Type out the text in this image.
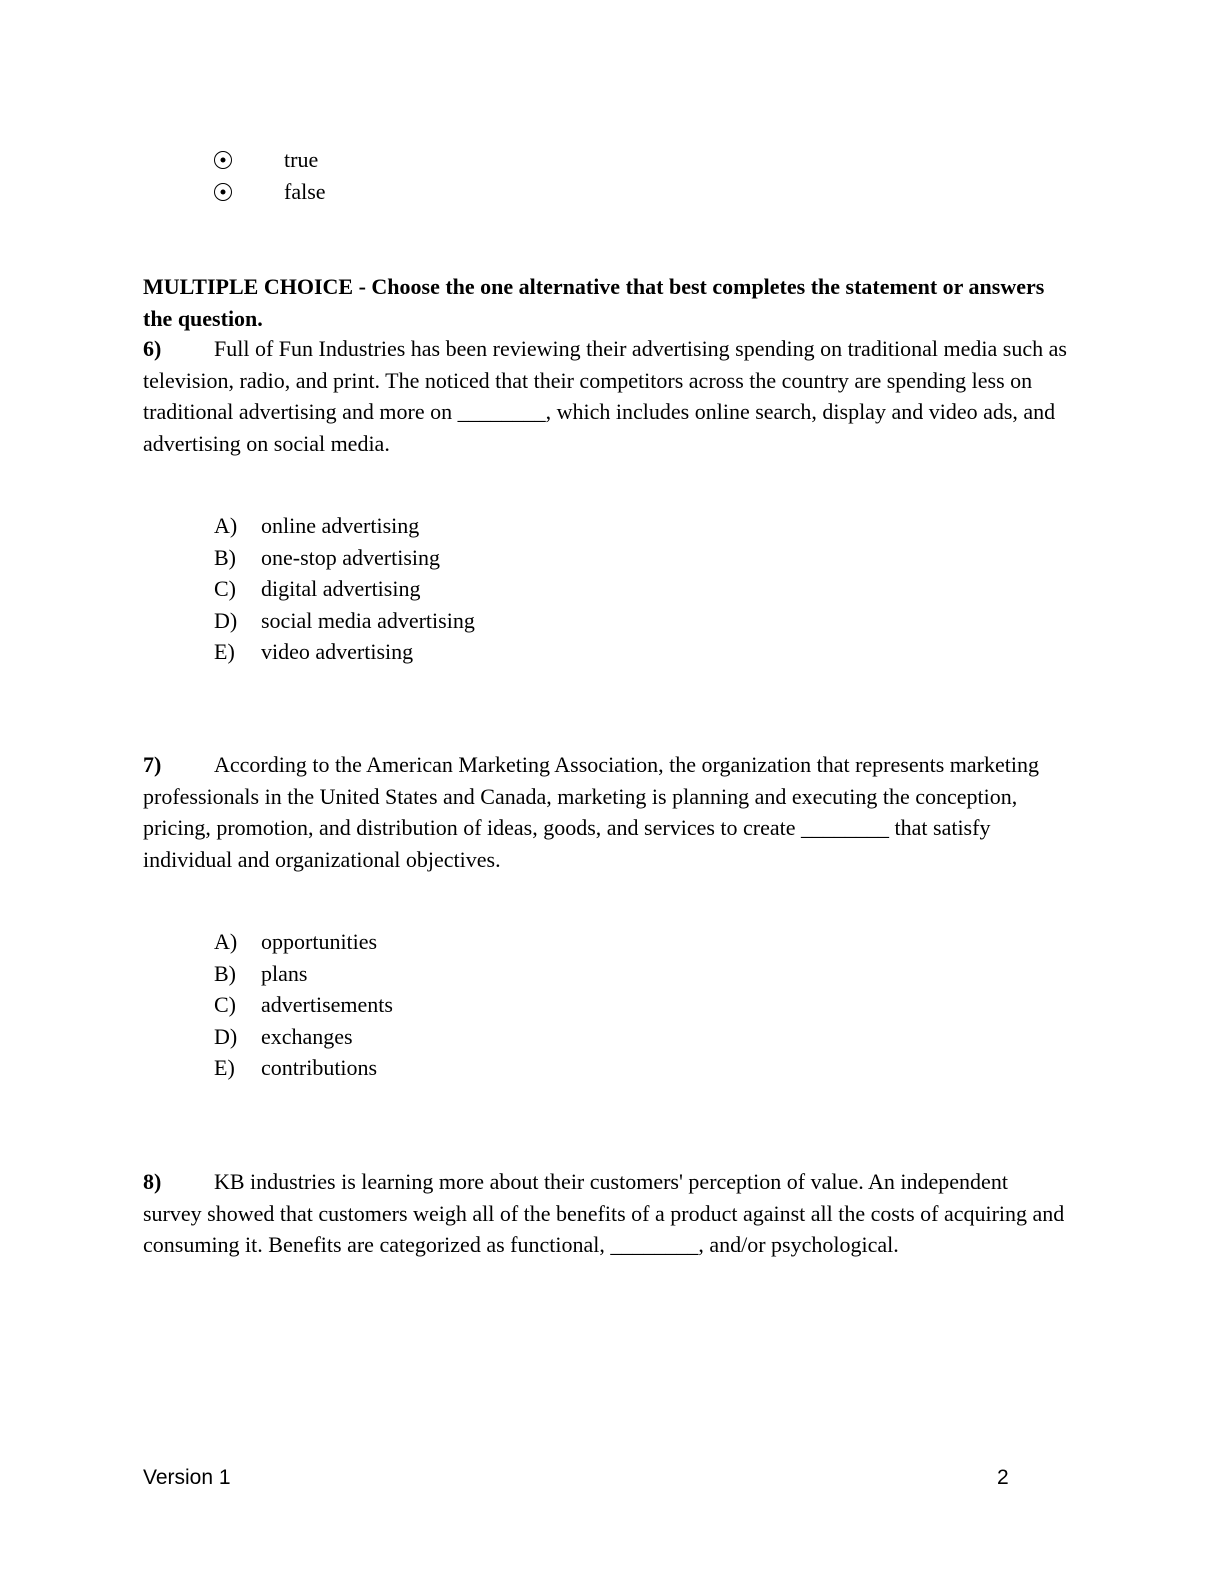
true
false
MULTIPLE CHOICE - Choose the one alternative that best completes the statement or answers the question.
6) Full of Fun Industries has been reviewing their advertising spending on traditional media such as television, radio, and print. The noticed that their competitors across the country are spending less on traditional advertising and more on ________, which includes online search, display and video ads, and advertising on social media.
A)	online advertising
B)	one-stop advertising
C)	digital advertising
D)	social media advertising
E)	video advertising
7) According to the American Marketing Association, the organization that represents marketing professionals in the United States and Canada, marketing is planning and executing the conception, pricing, promotion, and distribution of ideas, goods, and services to create ________ that satisfy individual and organizational objectives.
A)	opportunities
B)	plans
C)	advertisements
D)	exchanges
E)	contributions
8) KB industries is learning more about their customers' perception of value. An independent survey showed that customers weigh all of the benefits of a product against all the costs of acquiring and consuming it. Benefits are categorized as functional, ________, and/or psychological.
Version 1	2
